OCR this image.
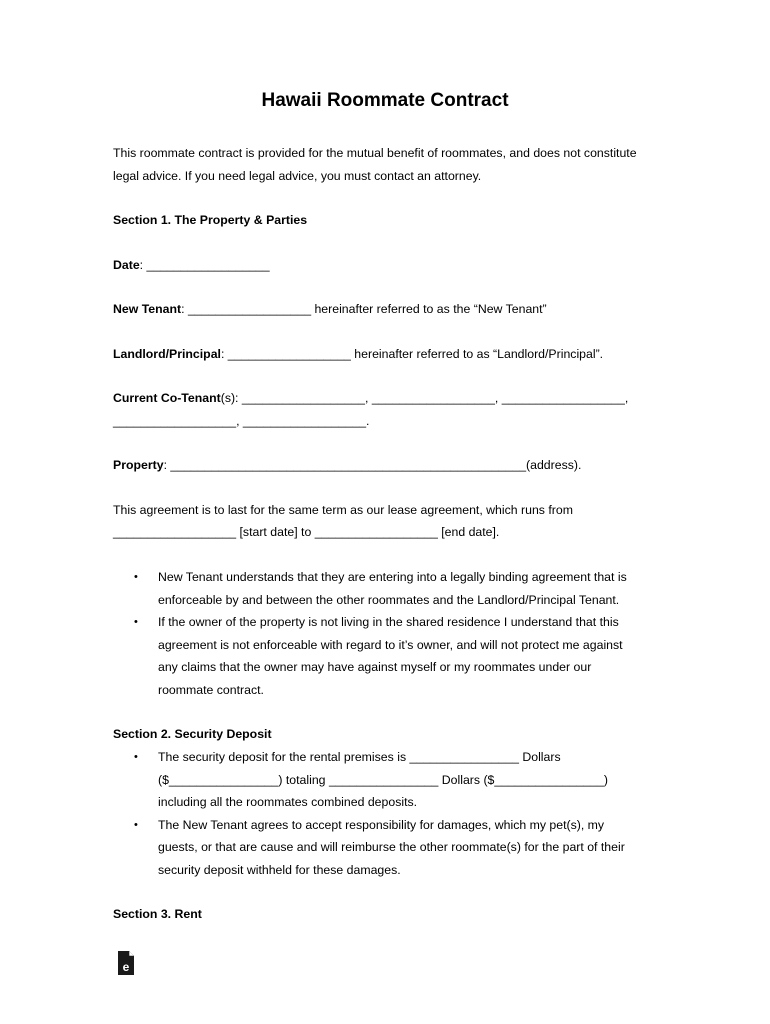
Hawaii Roommate Contract
This roommate contract is provided for the mutual benefit of roommates, and does not constitute
legal advice. If you need legal advice, you must contact an attorney.
Section 1. The Property & Parties
Date: __________________
New Tenant: __________________ hereinafter referred to as the “New Tenant”
Landlord/Principal: __________________ hereinafter referred to as “Landlord/Principal”.
Current Co-Tenant(s): __________________, __________________, __________________,
__________________, __________________.
Property: ____________________________________________________(address).
This agreement is to last for the same term as our lease agreement, which runs from
__________________ [start date] to __________________ [end date].
• New Tenant understands that they are entering into a legally binding agreement that is
enforceable by and between the other roommates and the Landlord/Principal Tenant.
• If the owner of the property is not living in the shared residence I understand that this
agreement is not enforceable with regard to it’s owner, and will not protect me against
any claims that the owner may have against myself or my roommates under our
roommate contract.
Section 2. Security Deposit
• The security deposit for the rental premises is ________________ Dollars
($________________) totaling ________________ Dollars ($________________)
including all the roommates combined deposits.
• The New Tenant agrees to accept responsibility for damages, which my pet(s), my
guests, or that are cause and will reimburse the other roommate(s) for the part of their
security deposit withheld for these damages.
Section 3. Rent
e
